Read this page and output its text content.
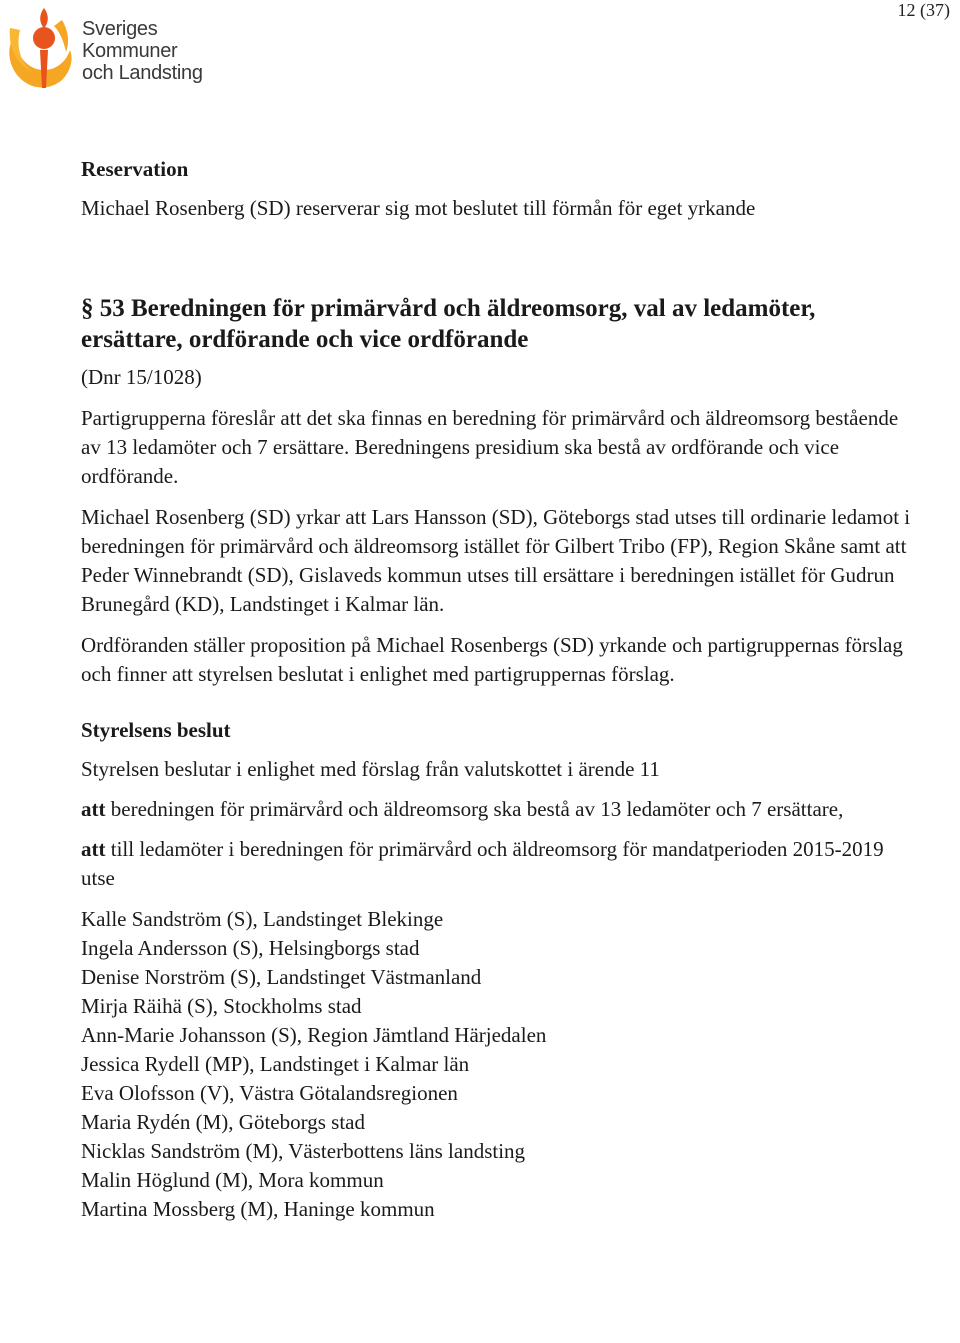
Sveriges
Kommuner
och Landsting
12 (37)

Reservation

Michael Rosenberg (SD) reserverar sig mot beslutet till förmån för eget yrkande

§ 53 Beredningen för primärvård och äldreomsorg, val av ledamöter, ersättare, ordförande och vice ordförande

(Dnr 15/1028)

Partigrupperna föreslår att det ska finnas en beredning för primärvård och äldreomsorg bestående av 13 ledamöter och 7 ersättare. Beredningens presidium ska bestå av ordförande och vice ordförande.

Michael Rosenberg (SD) yrkar att Lars Hansson (SD), Göteborgs stad utses till ordinarie ledamot i beredningen för primärvård och äldreomsorg istället för Gilbert Tribo (FP), Region Skåne samt att Peder Winnebrandt (SD), Gislaveds kommun utses till ersättare i beredningen istället för Gudrun Brunegård (KD), Landstinget i Kalmar län.

Ordföranden ställer proposition på Michael Rosenbergs (SD) yrkande och partigruppernas förslag och finner att styrelsen beslutat i enlighet med partigruppernas förslag.

Styrelsens beslut

Styrelsen beslutar i enlighet med förslag från valutskottet i ärende 11

att beredningen för primärvård och äldreomsorg ska bestå av 13 ledamöter och 7 ersättare,

att till ledamöter i beredningen för primärvård och äldreomsorg för mandatperioden 2015-2019 utse

Kalle Sandström (S), Landstinget Blekinge
Ingela Andersson (S), Helsingborgs stad
Denise Norström (S), Landstinget Västmanland
Mirja Räihä (S), Stockholms stad
Ann-Marie Johansson (S), Region Jämtland Härjedalen
Jessica Rydell (MP), Landstinget i Kalmar län
Eva Olofsson (V), Västra Götalandsregionen
Maria Rydén (M), Göteborgs stad
Nicklas Sandström (M), Västerbottens läns landsting
Malin Höglund (M), Mora kommun
Martina Mossberg (M), Haninge kommun
